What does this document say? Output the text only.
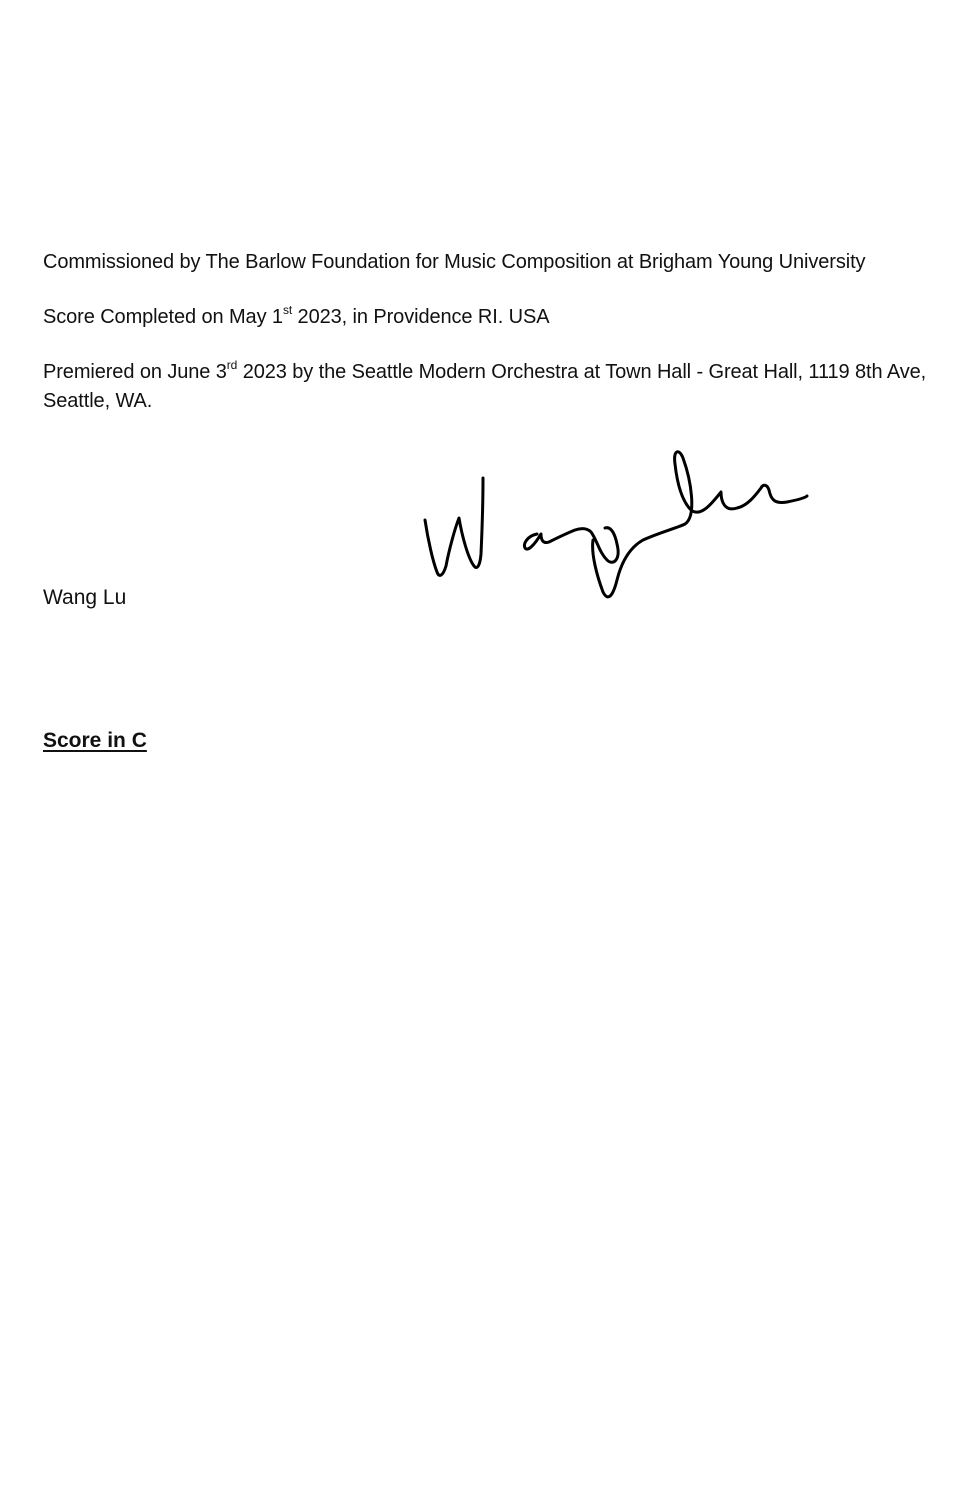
Commissioned by The Barlow Foundation for Music Composition at Brigham Young University
Score Completed on May 1st 2023, in Providence RI. USA
Premiered on June 3rd 2023 by the Seattle Modern Orchestra at Town Hall - Great Hall, 1119 8th Ave, Seattle, WA.
Wang Lu
Score in C
